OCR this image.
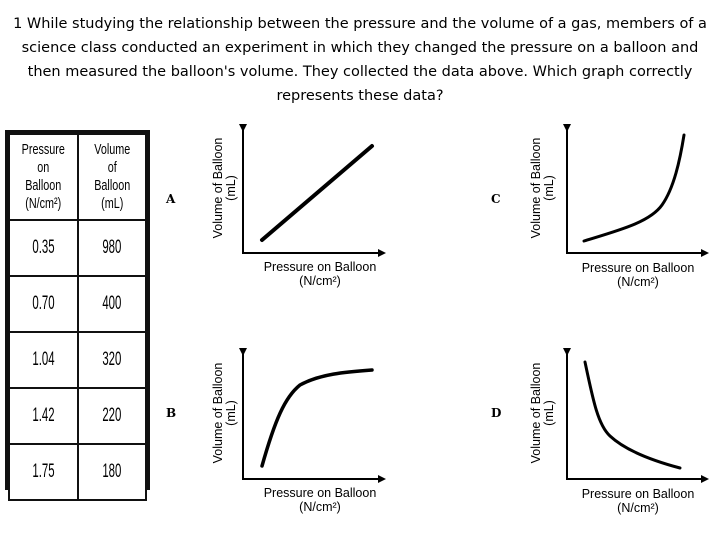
1 While studying the relationship between the pressure and the volume of a gas, members of a science class conducted an experiment in which they changed the pressure on a balloon and then measured the balloon's volume. They collected the data above. Which graph correctly represents these data?
Pressure on
Balloon (N/cm²)	Volume of
Balloon (mL)

0.35	980
0.70	400
1.04	320
1.42	220
1.75	180
A
B
C
D
Volume of Balloon (mL)
Pressure on Balloon
(N/cm²)
Volume of Balloon (mL)
Pressure on Balloon
(N/cm²)
Volume of Balloon (mL)
Pressure on Balloon
(N/cm²)
Volume of Balloon (mL)
Pressure on Balloon
(N/cm²)
